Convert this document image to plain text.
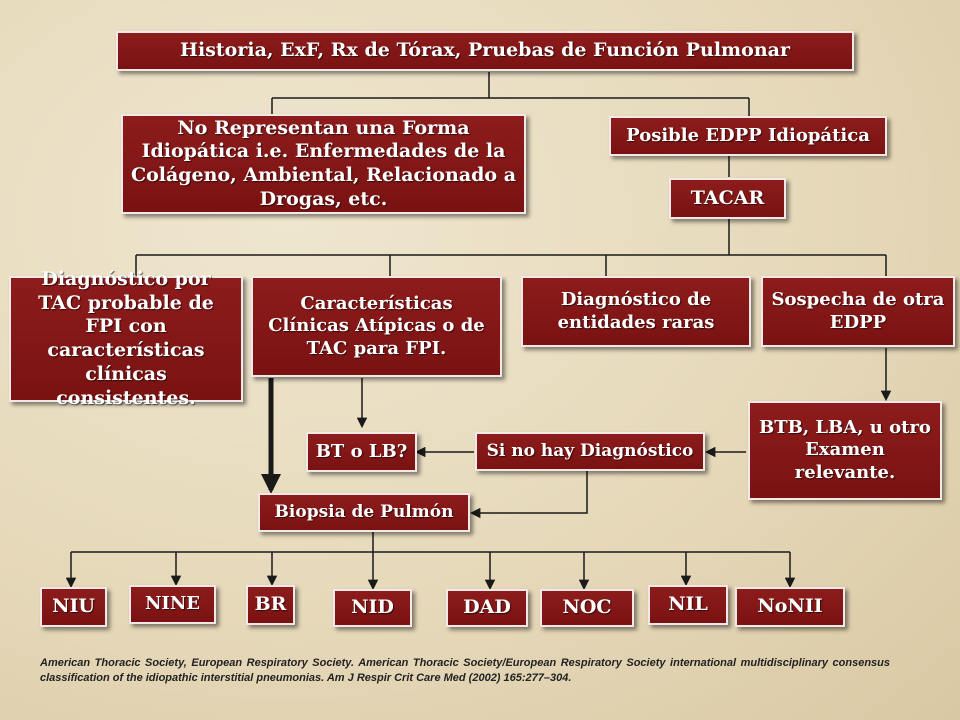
Historia, ExF, Rx de Tórax, Pruebas de Función Pulmonar
No Representan una Forma Idiopática i.e. Enfermedades de la Colágeno, Ambiental, Relacionado a Drogas, etc.
Posible EDPP Idiopática
TACAR
Diagnóstico por TAC probable de FPI con características clínicas consistentes.
Características Clínicas Atípicas o de TAC para FPI.
Diagnóstico de entidades raras
Sospecha de otra EDPP
BTB, LBA, u otro Examen relevante.
BT o LB?	Si no hay Diagnóstico
Biopsia de Pulmón
NIU	NINE	BR	NID	DAD	NOC	NIL	NoNII
American Thoracic Society, European Respiratory Society. American Thoracic Society/European Respiratory Society international multidisciplinary consensus classification of the idiopathic interstitial pneumonias. Am J Respir Crit Care Med (2002) 165:277–304.
